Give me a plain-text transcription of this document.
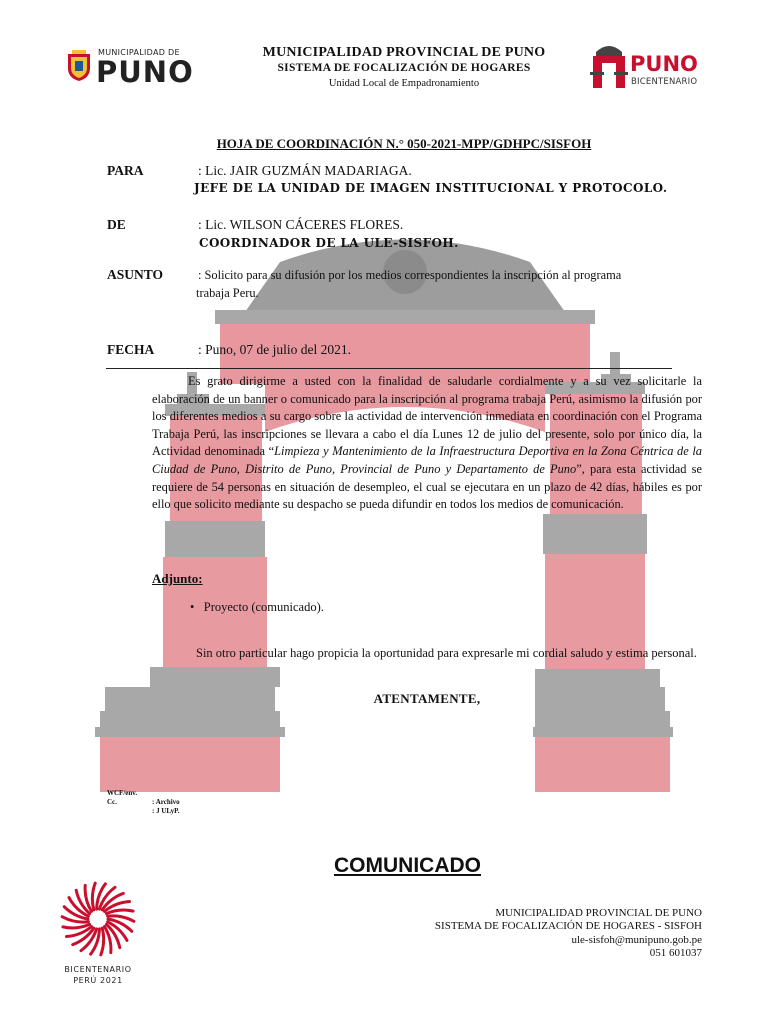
MUNICIPALIDAD DE
PUNO	PUNO
BICENTENARIO
MUNICIPALIDAD PROVINCIAL DE PUNO
SISTEMA DE FOCALIZACIÓN DE HOGARES
Unidad Local de Empadronamiento
HOJA DE COORDINACIÓN N.° 050-2021-MPP/GDHPC/SISFOH
PARA	: Lic. JAIR GUZMÁN MADARIAGA.
JEFE DE LA UNIDAD DE IMAGEN INSTITUCIONAL Y PROTOCOLO.
DE	: Lic. WILSON CÁCERES FLORES.
COORDINADOR DE LA ULE-SISFOH.
ASUNTO	: Solicito para su difusión por los medios correspondientes la inscripción al programa
trabaja Peru.
FECHA	: Puno, 07 de julio del 2021.
Es grato dirigirme a usted con la finalidad de saludarle cordialmente y a su vez solicitarle la elaboración de un banner o comunicado para la inscripción al programa trabaja Perú, asimismo la difusión por los diferentes medios a su cargo sobre la actividad de intervención inmediata en coordinación con el Programa Trabaja Perú, las inscripciones se llevara a cabo el día Lunes 12 de julio del presente, solo por único día, la Actividad denominada “Limpieza y Mantenimiento de la Infraestructura Deportiva en la Zona Céntrica de la Ciudad de Puno, Distrito de Puno, Provincial de Puno y Departamento de Puno”, para esta actividad se requiere de 54 personas en situación de desempleo, el cual se ejecutara en un plazo de 42 días, hábiles es por ello que solicito mediante su despacho se pueda difundir en todos los medios de comunicación.
Adjunto:
•   Proyecto (comunicado).
Sin otro particular hago propicia la oportunidad para expresarle mi cordial saludo y estima personal.
ATENTAMENTE,
WCF/env.
Cc.	: Archivo
: J ULyP.
COMUNICADO
BICENTENARIO
PERÚ 2021
MUNICIPALIDAD PROVINCIAL DE PUNO
SISTEMA DE FOCALIZACIÓN DE HOGARES - SISFOH
ule-sisfoh@munipuno.gob.pe
051 601037
